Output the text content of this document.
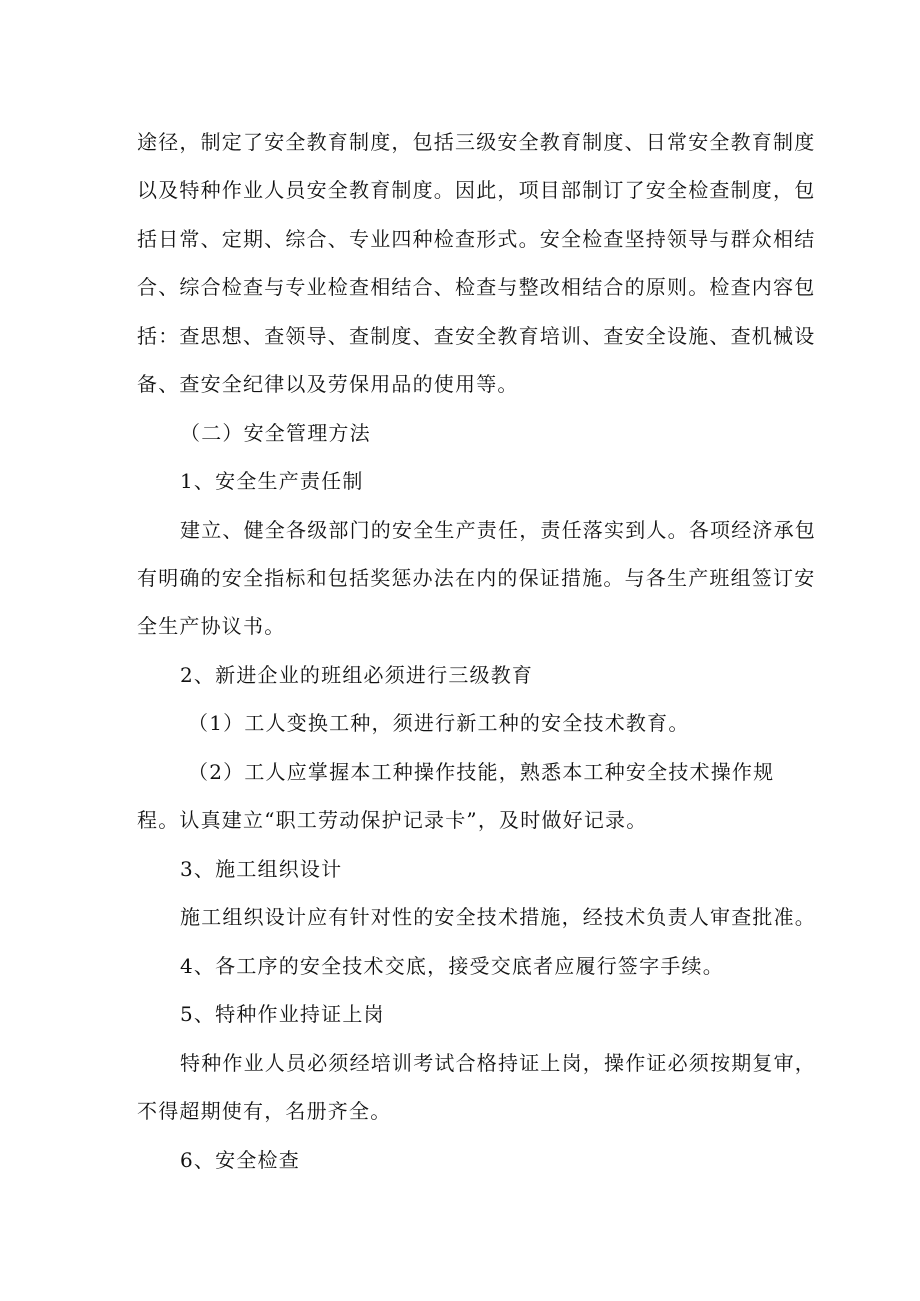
途径，制定了安全教育制度，包括三级安全教育制度、日常安全教育制度
以及特种作业人员安全教育制度。因此，项目部制订了安全检查制度，包
括日常、定期、综合、专业四种检查形式。安全检查坚持领导与群众相结
合、综合检查与专业检查相结合、检查与整改相结合的原则。检查内容包
括：查思想、查领导、查制度、查安全教育培训、查安全设施、查机械设
备、查安全纪律以及劳保用品的使用等。
（二）安全管理方法
1、安全生产责任制
建立、健全各级部门的安全生产责任，责任落实到人。各项经济承包
有明确的安全指标和包括奖惩办法在内的保证措施。与各生产班组签订安
全生产协议书。
2、新进企业的班组必须进行三级教育
（1）工人变换工种，须进行新工种的安全技术教育。
（2）工人应掌握本工种操作技能，熟悉本工种安全技术操作规
程。认真建立“职工劳动保护记录卡”，及时做好记录。
3、施工组织设计
施工组织设计应有针对性的安全技术措施，经技术负责人审查批准。
4、各工序的安全技术交底，接受交底者应履行签字手续。
5、特种作业持证上岗
特种作业人员必须经培训考试合格持证上岗，操作证必须按期复审，
不得超期使有，名册齐全。
6、安全检查
